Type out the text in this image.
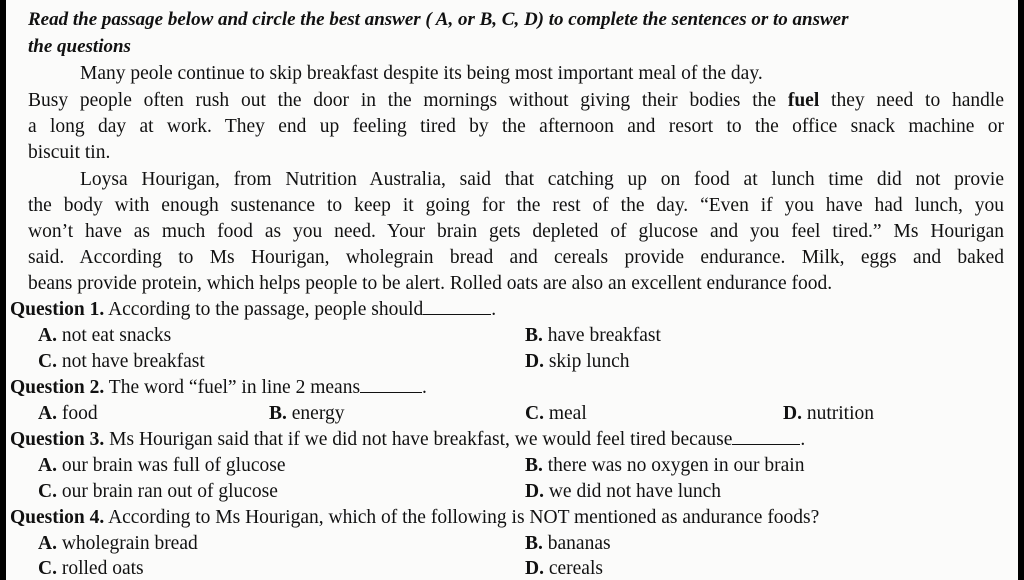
Read the passage below and circle the best answer ( A, or B, C, D) to complete the sentences or to answer
the questions
Many peole continue to skip breakfast despite its being most important meal of the day.
Busy people often rush out the door in the mornings without giving their bodies the fuel they need to handle
a long day at work. They end up feeling tired by the afternoon and resort to the office snack machine or
biscuit tin.
Loysa Hourigan, from Nutrition Australia, said that catching up on food at lunch time did not provie
the body with enough sustenance to keep it going for the rest of the day. “Even if you have had lunch, you
won’t have as much food as you need. Your brain gets depleted of glucose and you feel tired.” Ms Hourigan
said. According to Ms Hourigan, wholegrain bread and cereals provide endurance. Milk, eggs and baked
beans provide protein, which helps people to be alert. Rolled oats are also an excellent endurance food.
Question 1. According to the passage, people should	.
A. not eat snacks	B. have breakfast
C. not have breakfast	D. skip lunch
Question 2. The word “fuel” in line 2 means	.
A. food	B. energy	C. meal	D. nutrition
Question 3. Ms Hourigan said that if we did not have breakfast, we would feel tired because	.
A. our brain was full of glucose	B. there was no oxygen in our brain
C. our brain ran out of glucose	D. we did not have lunch
Question 4. According to Ms Hourigan, which of the following is NOT mentioned as andurance foods?
A. wholegrain bread	B. bananas
C. rolled oats	D. cereals
